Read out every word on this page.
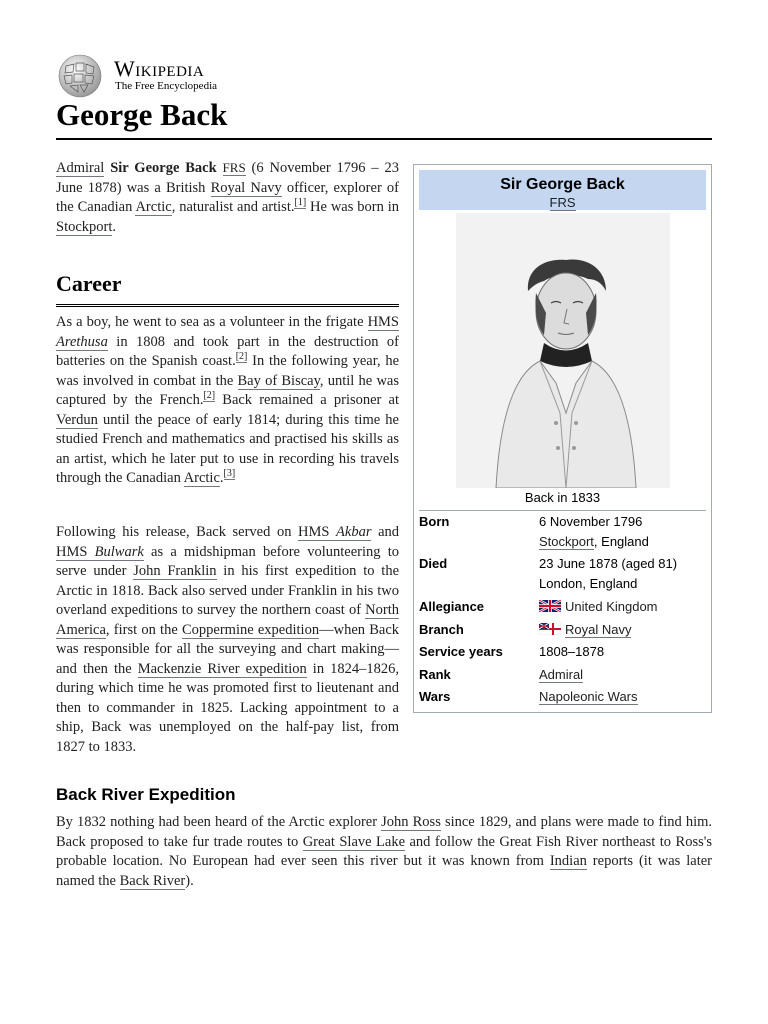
Wikipedia
The Free Encyclopedia
George Back

Admiral Sir George Back FRS (6 November 1796 – 23 June 1878) was a British Royal Navy officer, explorer of the Canadian Arctic, naturalist and artist.[1] He was born in Stockport.

Career

As a boy, he went to sea as a volunteer in the frigate HMS Arethusa in 1808 and took part in the destruction of batteries on the Spanish coast.[2] In the following year, he was involved in combat in the Bay of Biscay, until he was captured by the French.[2] Back remained a prisoner at Verdun until the peace of early 1814; during this time he studied French and mathematics and practised his skills as an artist, which he later put to use in recording his travels through the Canadian Arctic.[3]

Following his release, Back served on HMS Akbar and HMS Bulwark as a midshipman before volunteering to serve under John Franklin in his first expedition to the Arctic in 1818. Back also served under Franklin in his two overland expeditions to survey the northern coast of North America, first on the Coppermine expedition—when Back was responsible for all the surveying and chart making—and then the Mackenzie River expedition in 1824–1826, during which time he was promoted first to lieutenant and then to commander in 1825. Lacking appointment to a ship, Back was unemployed on the half-pay list, from 1827 to 1833.

Back River Expedition

By 1832 nothing had been heard of the Arctic explorer John Ross since 1829, and plans were made to find him. Back proposed to take fur trade routes to Great Slave Lake and follow the Great Fish River northeast to Ross's probable location. No European had ever seen this river but it was known from Indian reports (it was later named the Back River).

Sir George Back
FRS
Back in 1833
Born	6 November 1796
Stockport, England
Died	23 June 1878 (aged 81)
London, England
Allegiance	United Kingdom
Branch	Royal Navy
Service years	1808–1878
Rank	Admiral
Wars	Napoleonic Wars
